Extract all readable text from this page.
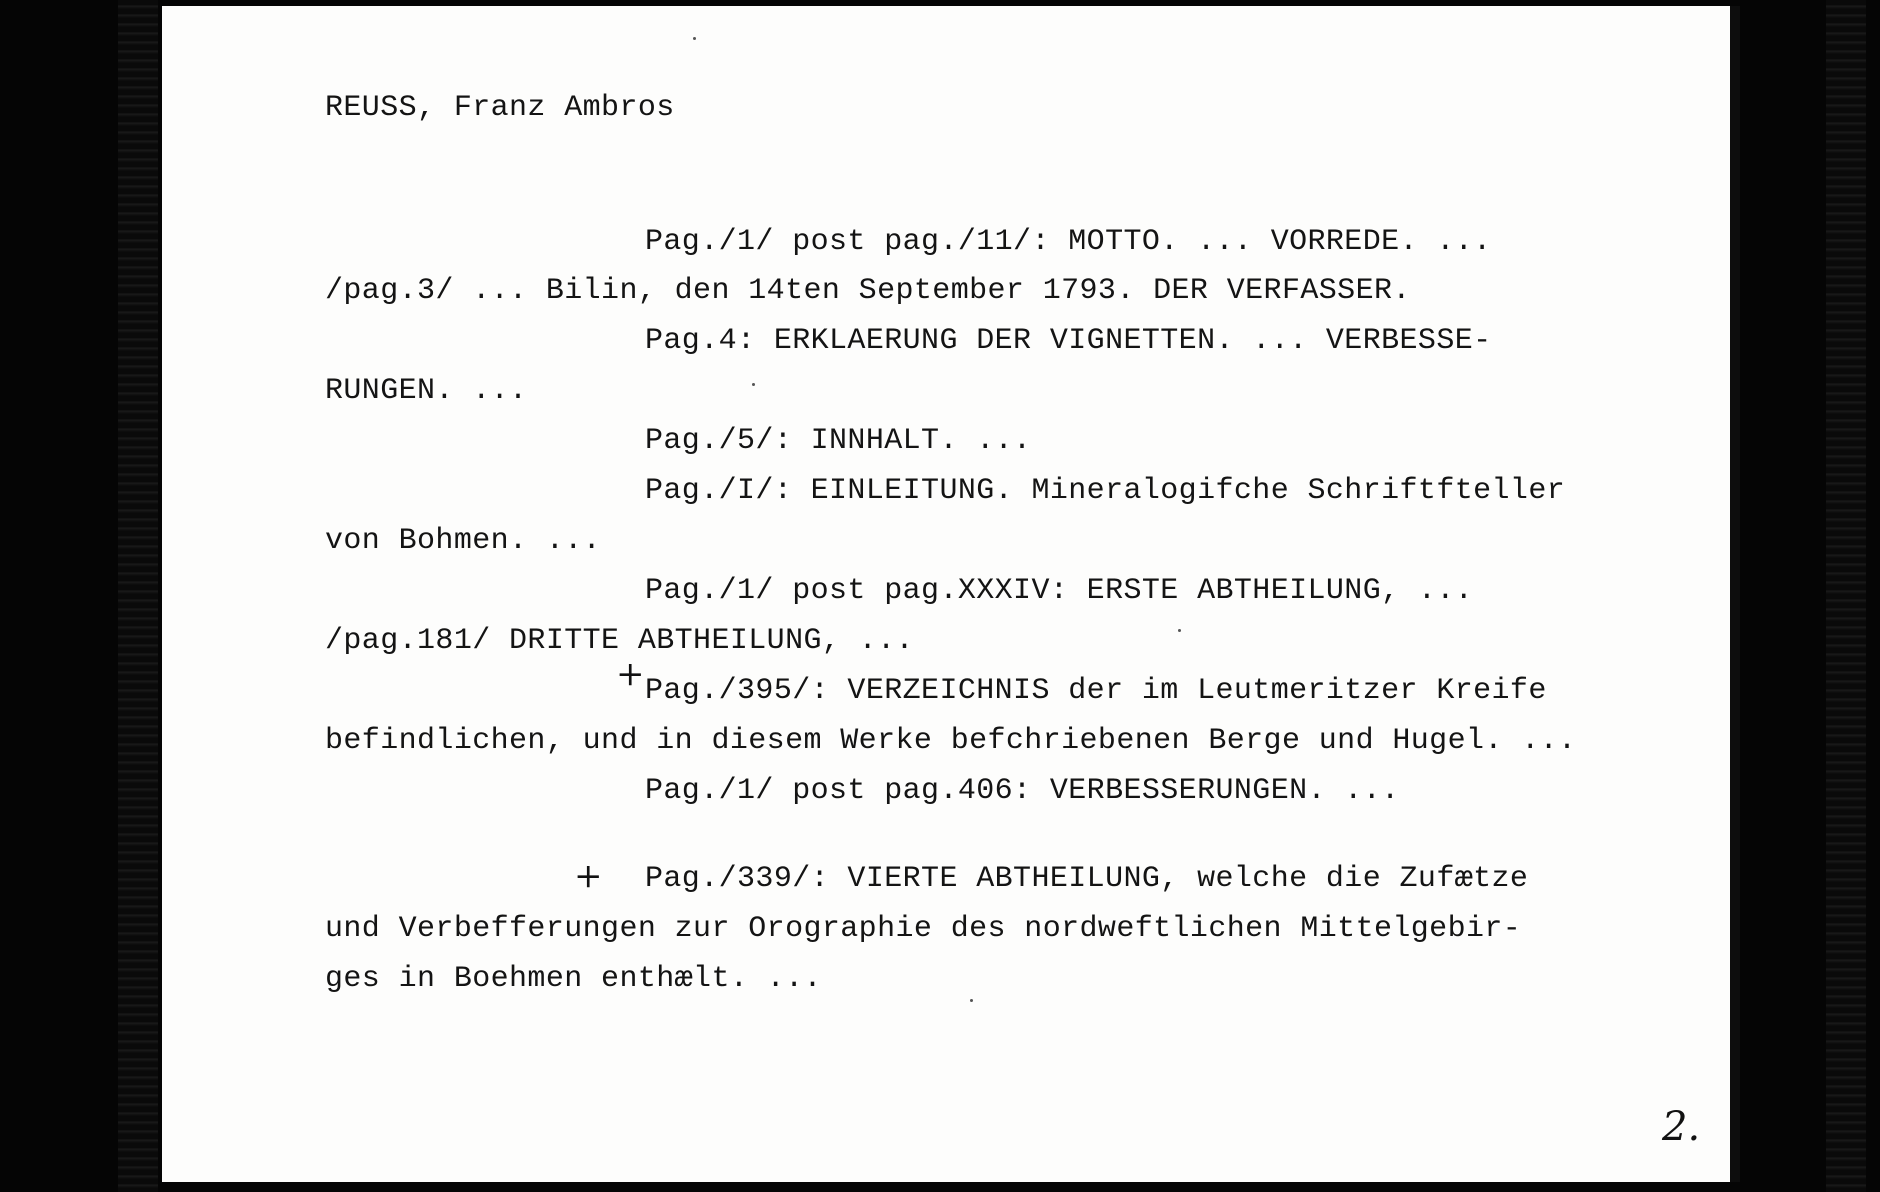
REUSS, Franz Ambros
Pag./1/ post pag./11/: MOTTO. ... VORREDE. ...
/pag.3/ ... Bilin, den 14ten September 1793. DER VERFASSER.
Pag.4: ERKLAERUNG DER VIGNETTEN. ... VERBESSE-
RUNGEN. ...
Pag./5/: INNHALT. ...
Pag./I/: EINLEITUNG. Mineralogifche Schriftfteller
von Bohmen. ...
Pag./1/ post pag.XXXIV: ERSTE ABTHEILUNG, ...
/pag.181/ DRITTE ABTHEILUNG, ...
+ Pag./395/: VERZEICHNIS der im Leutmeritzer Kreife
befindlichen, und in diesem Werke befchriebenen Berge und Hugel. ...
Pag./1/ post pag.406: VERBESSERUNGEN. ...
+ Pag./339/: VIERTE ABTHEILUNG, welche die Zufætze
und Verbefferungen zur Orographie des nordweftlichen Mittelgebir-
ges in Boehmen enthælt. ...
2.
